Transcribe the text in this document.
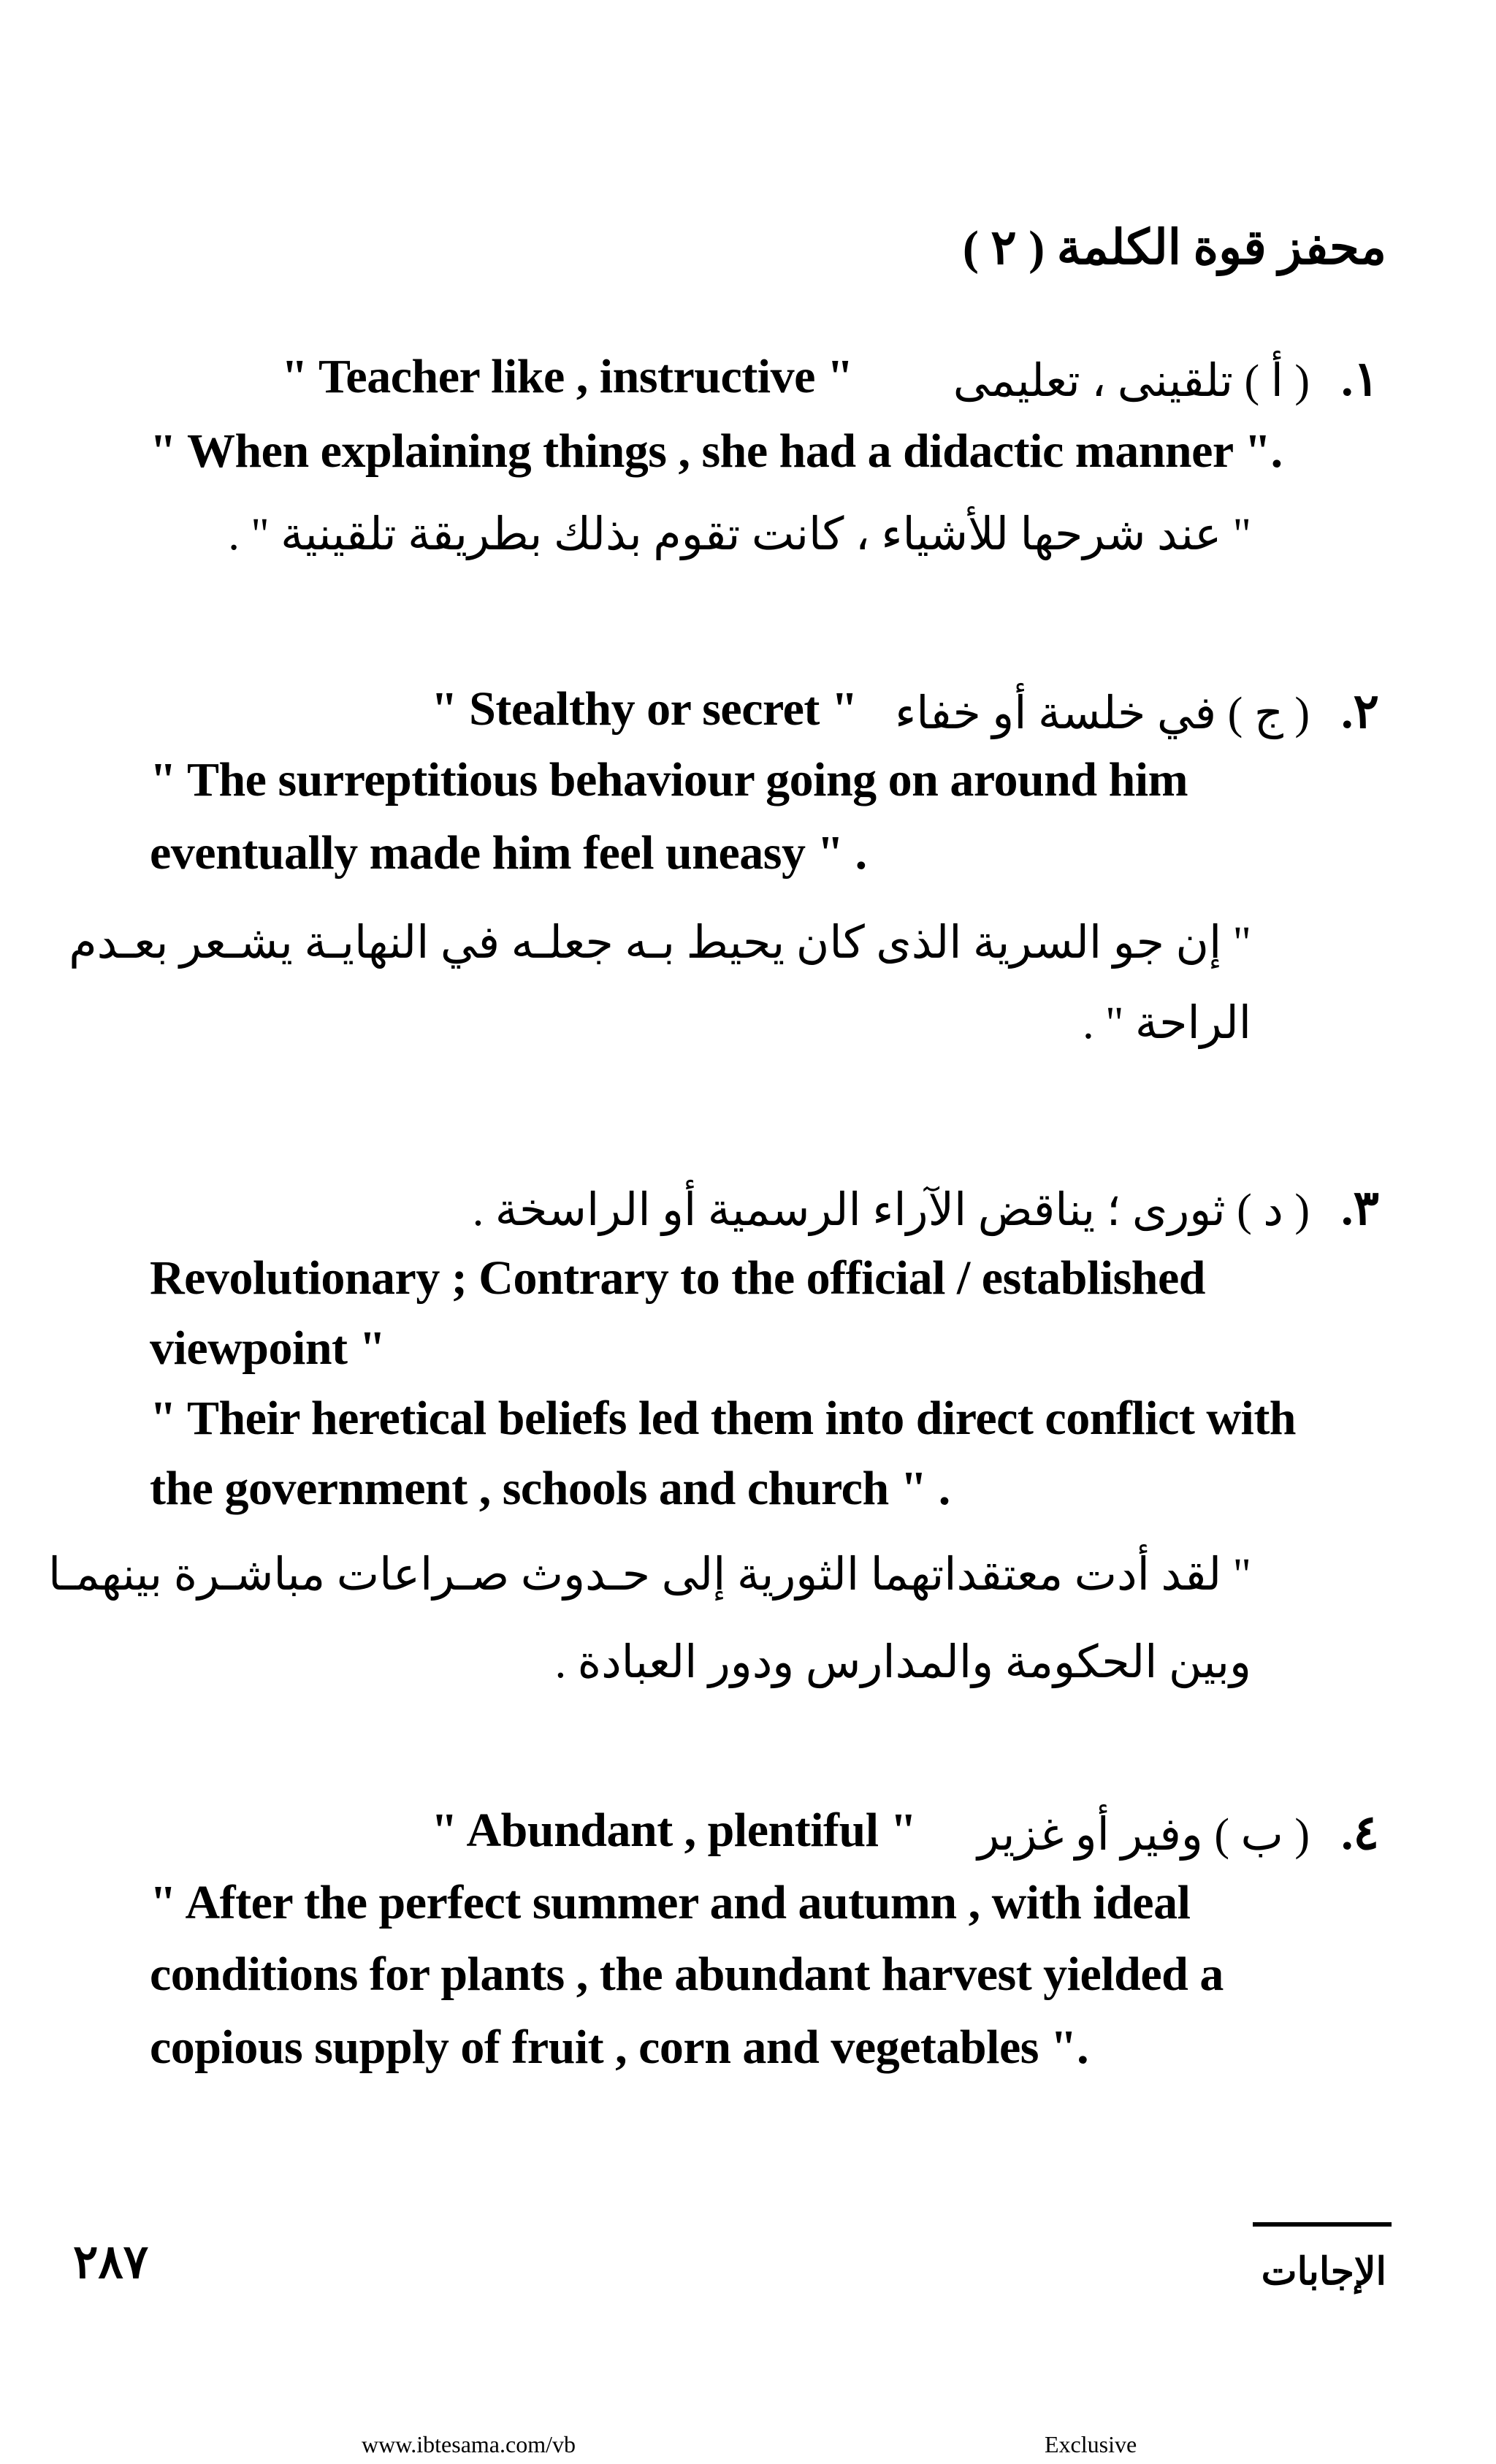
محفز قوة الكلمة ( ٢ )
.١
( أ ) تلقينى ، تعليمى
" Teacher like , instructive "
" When explaining things , she had a didactic manner ".
" عند شرحها للأشياء ، كانت تقوم بذلك بطريقة تلقينية " .
.٢
( ج ) في خلسة أو خفاء
" Stealthy or secret "
" The surreptitious behaviour going on around him
eventually made him feel uneasy " .
" إن جو السرية الذى كان يحيط بـه جعلـه في النهايـة يشـعر بعـدم
الراحة " .
.٣
( د ) ثورى ؛ يناقض الآراء الرسمية أو الراسخة .
Revolutionary ; Contrary to the official / established
viewpoint "
" Their heretical beliefs led them into direct conflict with
the government , schools and church " .
" لقد أدت معتقداتهما الثورية إلى حـدوث صـراعات مباشـرة بينهمـا
وبين الحكومة والمدارس ودور العبادة .
.٤
( ب ) وفير أو غزير
" Abundant , plentiful "
" After the perfect summer and autumn , with ideal
conditions for plants , the abundant harvest yielded a
copious supply of fruit , corn and vegetables ".
٢٨٧	الإجابات
www.ibtesama.com/vb	Exclusive
